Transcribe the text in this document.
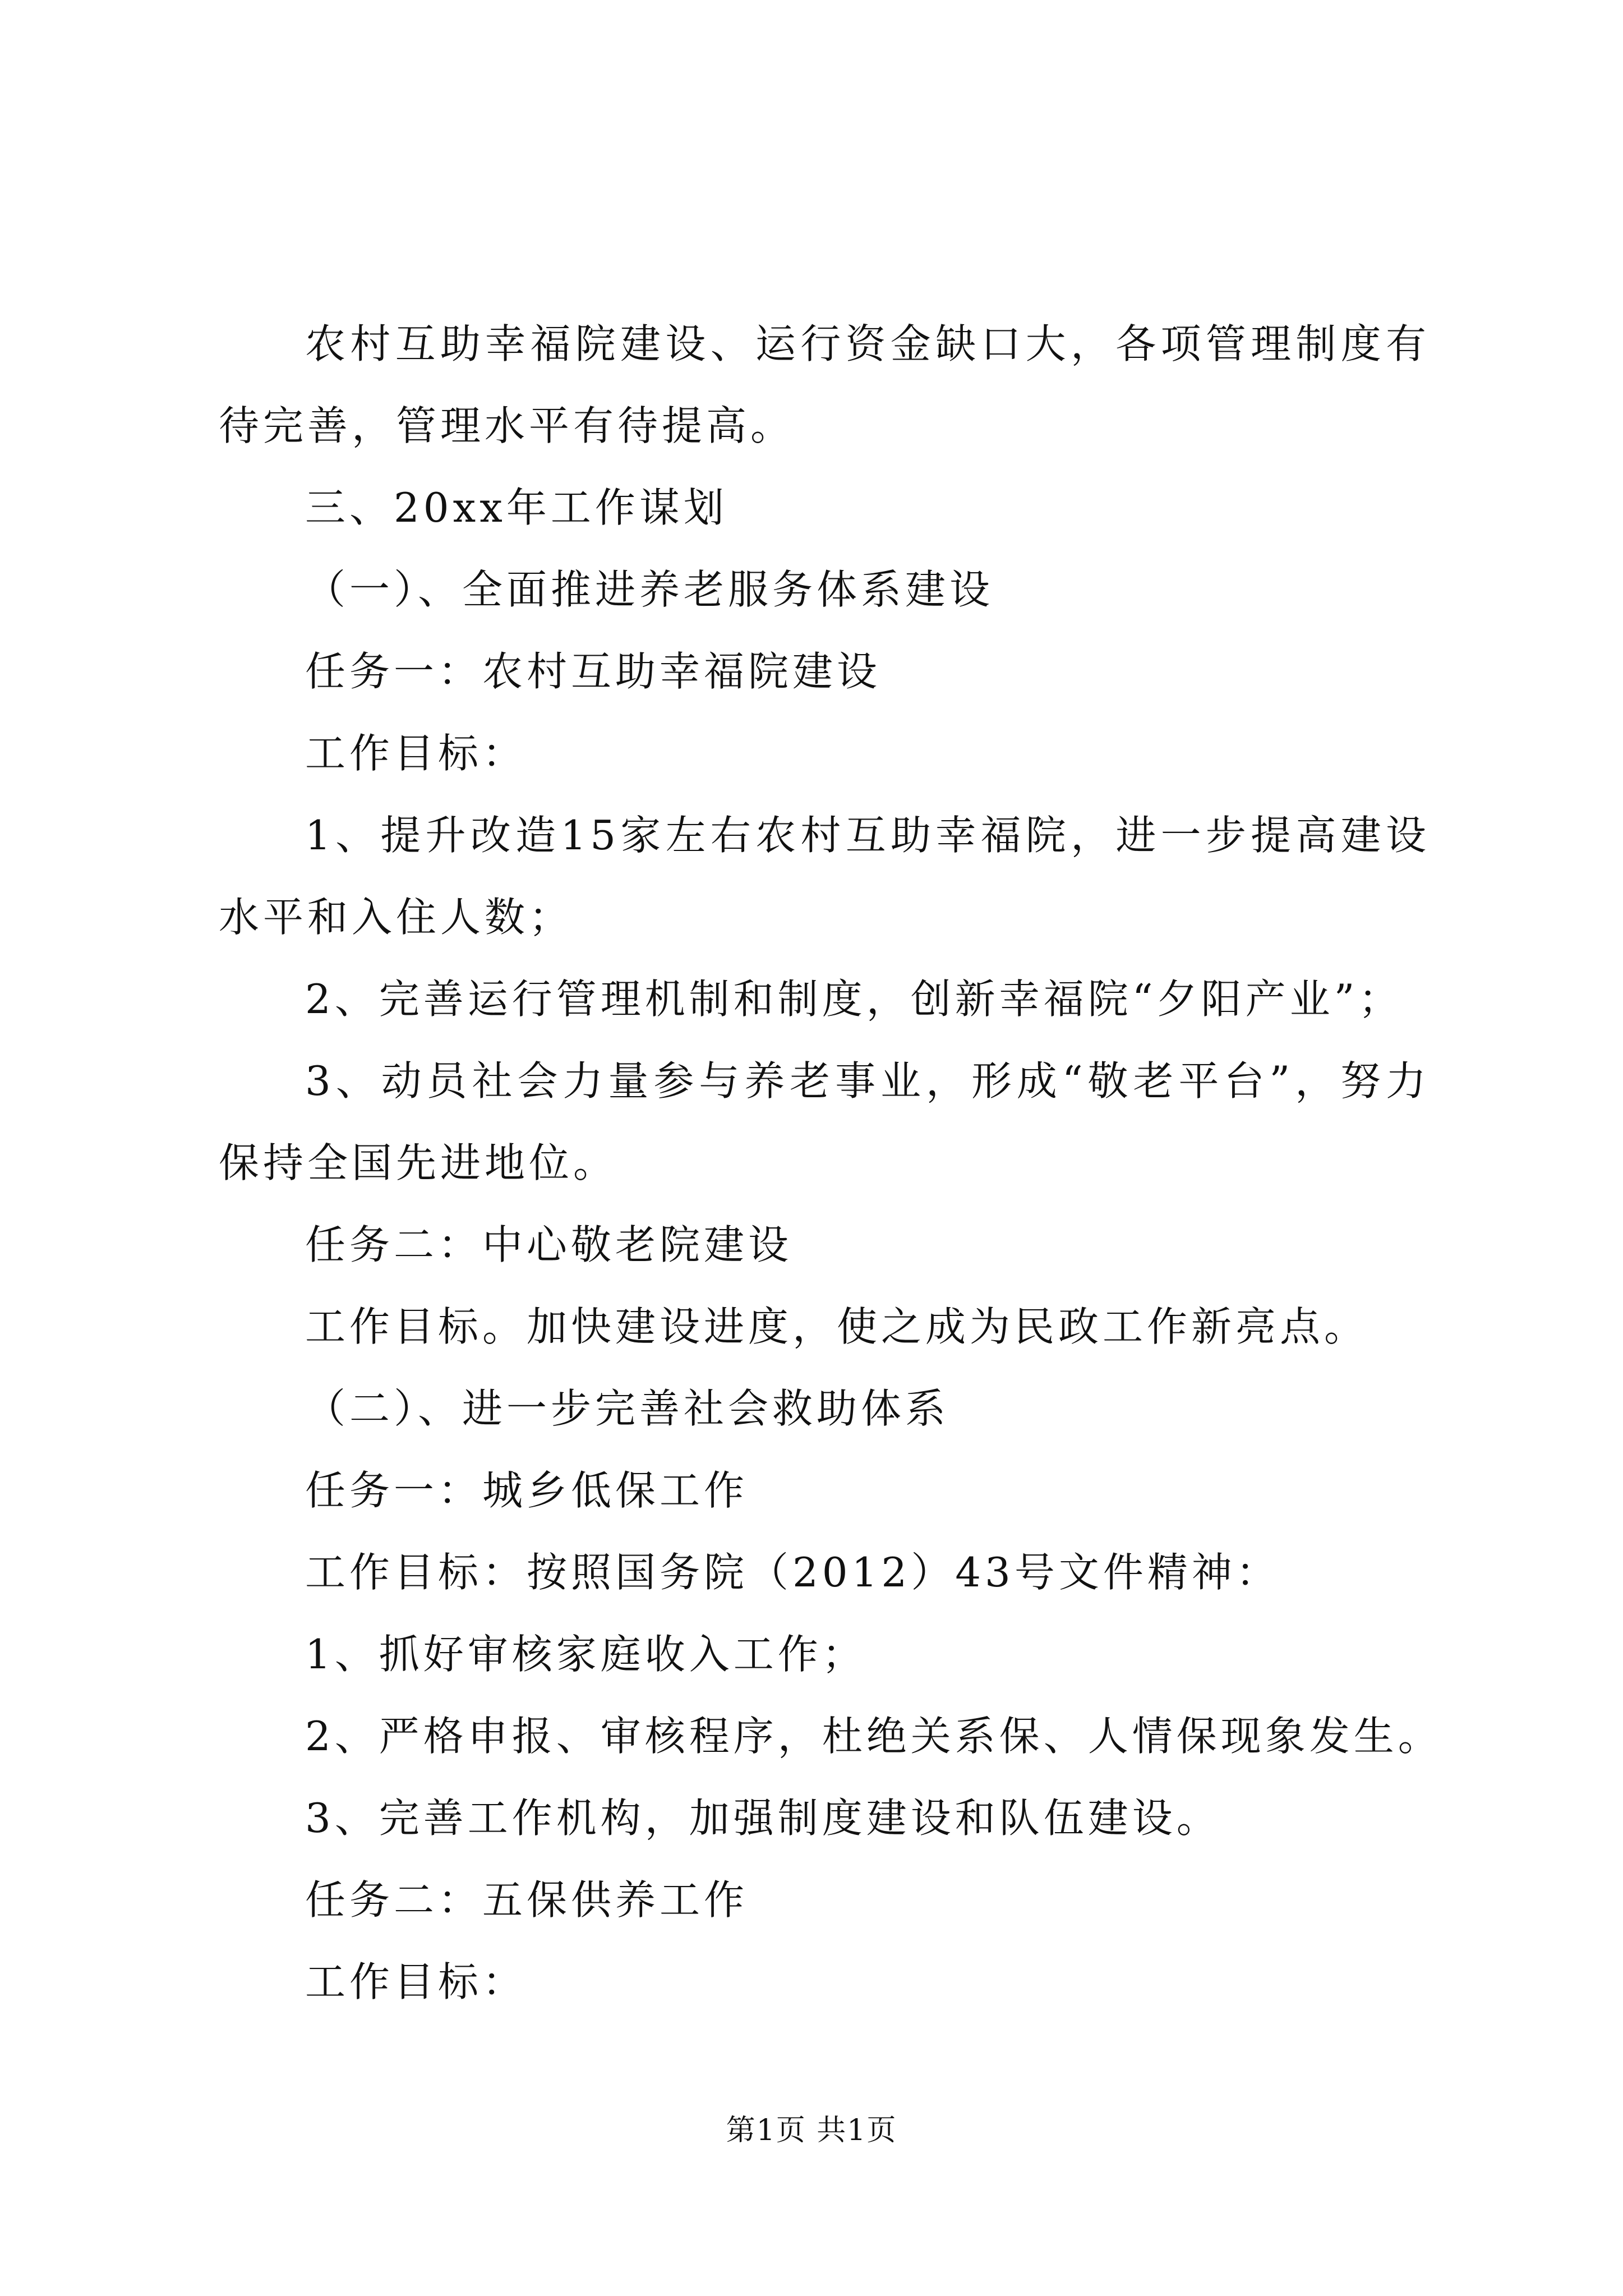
农村互助幸福院建设、运行资金缺口大，各项管理制度有待完善，管理水平有待提高。

三、20xx年工作谋划

（一）、全面推进养老服务体系建设

任务一：农村互助幸福院建设

工作目标：

1、提升改造15家左右农村互助幸福院，进一步提高建设水平和入住人数；

2、完善运行管理机制和制度，创新幸福院“夕阳产业”；

3、动员社会力量参与养老事业，形成“敬老平台”，努力保持全国先进地位。

任务二：中心敬老院建设

工作目标。加快建设进度，使之成为民政工作新亮点。

（二）、进一步完善社会救助体系

任务一：城乡低保工作

工作目标：按照国务院（2012）43号文件精神：

1、抓好审核家庭收入工作；

2、严格申报、审核程序，杜绝关系保、人情保现象发生。

3、完善工作机构，加强制度建设和队伍建设。

任务二：五保供养工作

工作目标：

第1页 共1页
